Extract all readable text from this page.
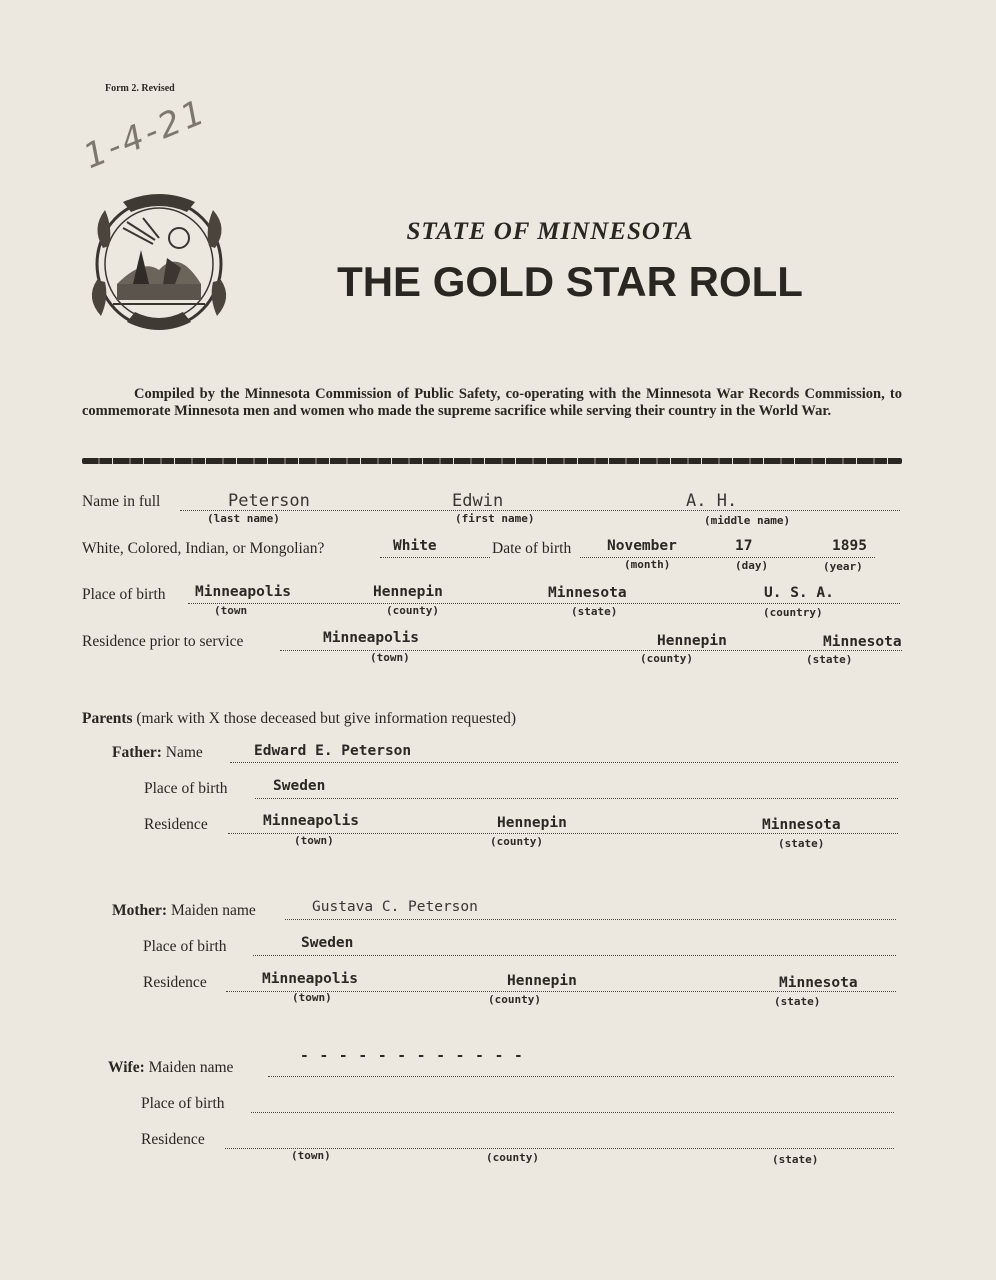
Form 2. Revised
1-4-21
STATE OF MINNESOTA
THE GOLD STAR ROLL
Compiled by the Minnesota Commission of Public Safety, co-operating with the Minnesota War Records Commission, to commemorate Minnesota men and women who made the supreme sacrifice while serving their country in the World War.
Name in full	Peterson	Edwin	A. H.
(last name)	(first name)	(middle name)
White, Colored, Indian, or Mongolian?	White	Date of birth November	17	1895
(month)	(day)	(year)
Place of birth Minneapolis	Hennepin	Minnesota	U. S. A.
(town	(county)	(state)	(country)
Residence prior to service	Minneapolis	Hennepin	Minnesota
(town)	(county)	(state)
Parents (mark with X those deceased but give information requested)
Father: Name	Edward E. Peterson
Place of birth	Sweden
Residence	Minneapolis	Hennepin	Minnesota
(town)	(county)	(state)
Mother: Maiden name	Gustava C. Peterson
Place of birth	Sweden
Residence	Minneapolis	Hennepin	Minnesota
(town)	(county)	(state)
Wife: Maiden name
- - - - - - - - - - - -
Place of birth
Residence
(town)	(county)	(state)
